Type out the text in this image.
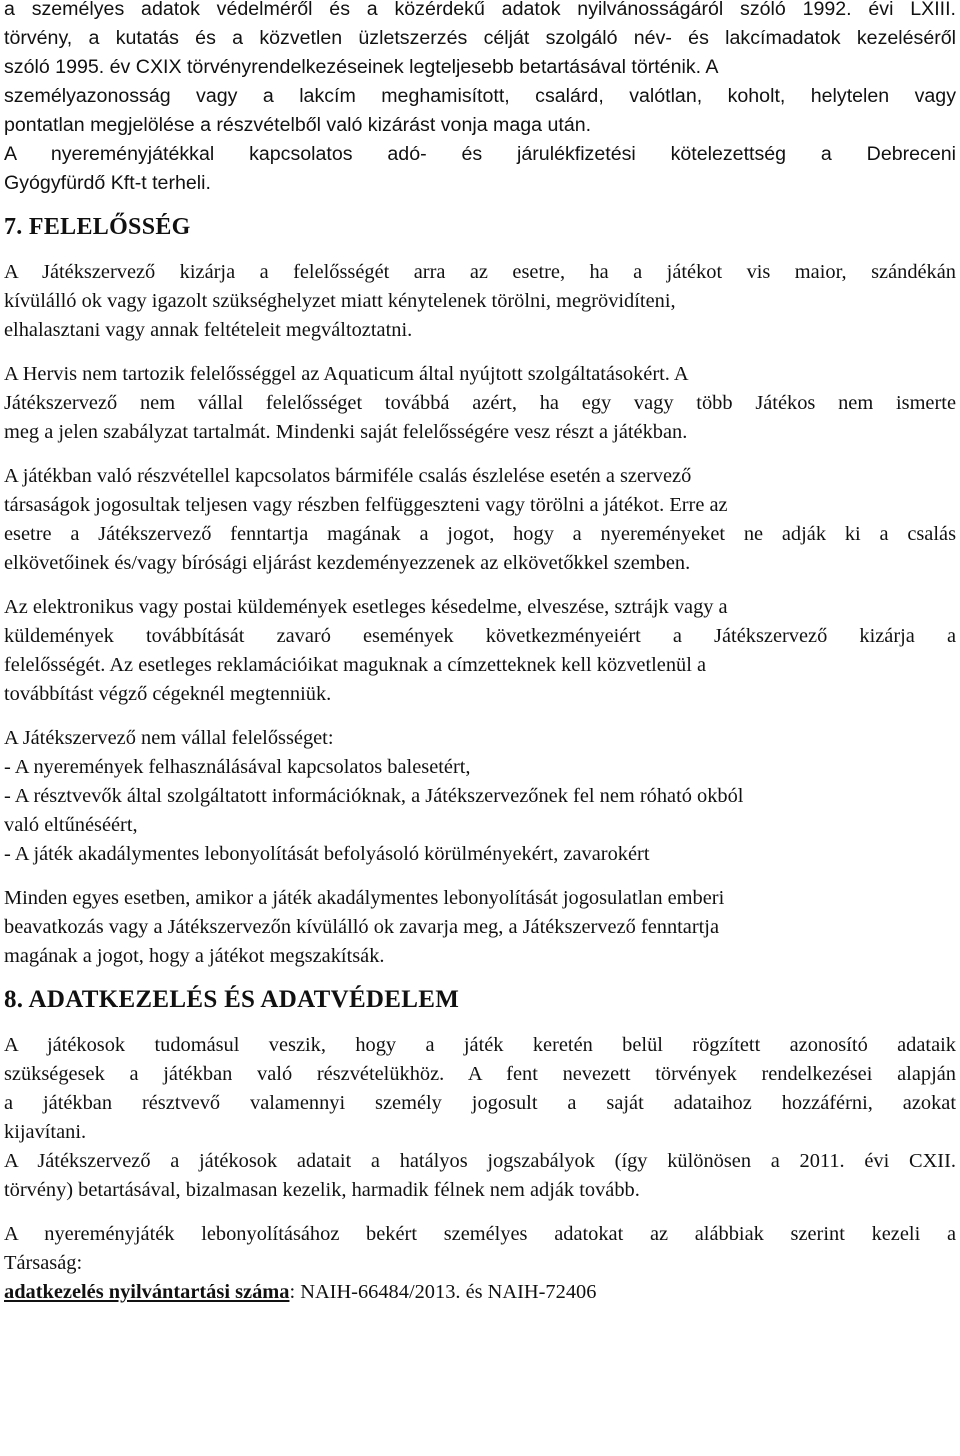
a személyes adatok védelméről és a közérdekű adatok nyilvánosságáról szóló 1992. évi LXIII.
törvény, a kutatás és a közvetlen üzletszerzés célját szolgáló név- és lakcímadatok kezeléséről
szóló 1995. év CXIX törvényrendelkezéseinek legteljesebb betartásával történik. A
személyazonosság vagy a lakcím meghamisított, csalárd, valótlan, koholt, helytelen vagy
pontatlan megjelölése a részvételből való kizárást vonja maga után.
A nyereményjátékkal kapcsolatos adó- és járulékfizetési kötelezettség a Debreceni
Gyógyfürdő Kft-t terheli.
7. FELELŐSSÉG
A Játékszervező kizárja a felelősségét arra az esetre, ha a játékot vis maior, szándékán
kívülálló ok vagy igazolt szükséghelyzet miatt kénytelenek törölni, megrövidíteni,
elhalasztani vagy annak feltételeit megváltoztatni.
A Hervis nem tartozik felelősséggel az Aquaticum által nyújtott szolgáltatásokért. A
Játékszervező nem vállal felelősséget továbbá azért, ha egy vagy több Játékos nem ismerte
meg a jelen szabályzat tartalmát. Mindenki saját felelősségére vesz részt a játékban.
A játékban való részvétellel kapcsolatos bármiféle csalás észlelése esetén a szervező
társaságok jogosultak teljesen vagy részben felfüggeszteni vagy törölni a játékot. Erre az
esetre a Játékszervező fenntartja magának a jogot, hogy a nyereményeket ne adják ki a csalás
elkövetőinek és/vagy bírósági eljárást kezdeményezzenek az elkövetőkkel szemben.
Az elektronikus vagy postai küldemények esetleges késedelme, elveszése, sztrájk vagy a
küldemények továbbítását zavaró események következményeiért a Játékszervező kizárja a
felelősségét. Az esetleges reklamációikat maguknak a címzetteknek kell közvetlenül a
továbbítást végző cégeknél megtenniük.
A Játékszervező nem vállal felelősséget:
- A nyeremények felhasználásával kapcsolatos balesetért,
- A résztvevők által szolgáltatott információknak, a Játékszervezőnek fel nem róható okból
való eltűnéséért,
- A játék akadálymentes lebonyolítását befolyásoló körülményekért, zavarokért
Minden egyes esetben, amikor a játék akadálymentes lebonyolítását jogosulatlan emberi
beavatkozás vagy a Játékszervezőn kívülálló ok zavarja meg, a Játékszervező fenntartja
magának a jogot, hogy a játékot megszakítsák.
8. ADATKEZELÉS ÉS ADATVÉDELEM
A játékosok tudomásul veszik, hogy a játék keretén belül rögzített azonosító adataik
szükségesek a játékban való részvételükhöz. A fent nevezett törvények rendelkezései alapján
a játékban résztvevő valamennyi személy jogosult a saját adataihoz hozzáférni, azokat
kijavítani.
A Játékszervező a játékosok adatait a hatályos jogszabályok (így különösen a 2011. évi CXII.
törvény) betartásával, bizalmasan kezelik, harmadik félnek nem adják tovább.
A nyereményjáték lebonyolításához bekért személyes adatokat az alábbiak szerint kezeli a
Társaság:
adatkezelés nyilvántartási száma: NAIH-66484/2013. és NAIH-72406
